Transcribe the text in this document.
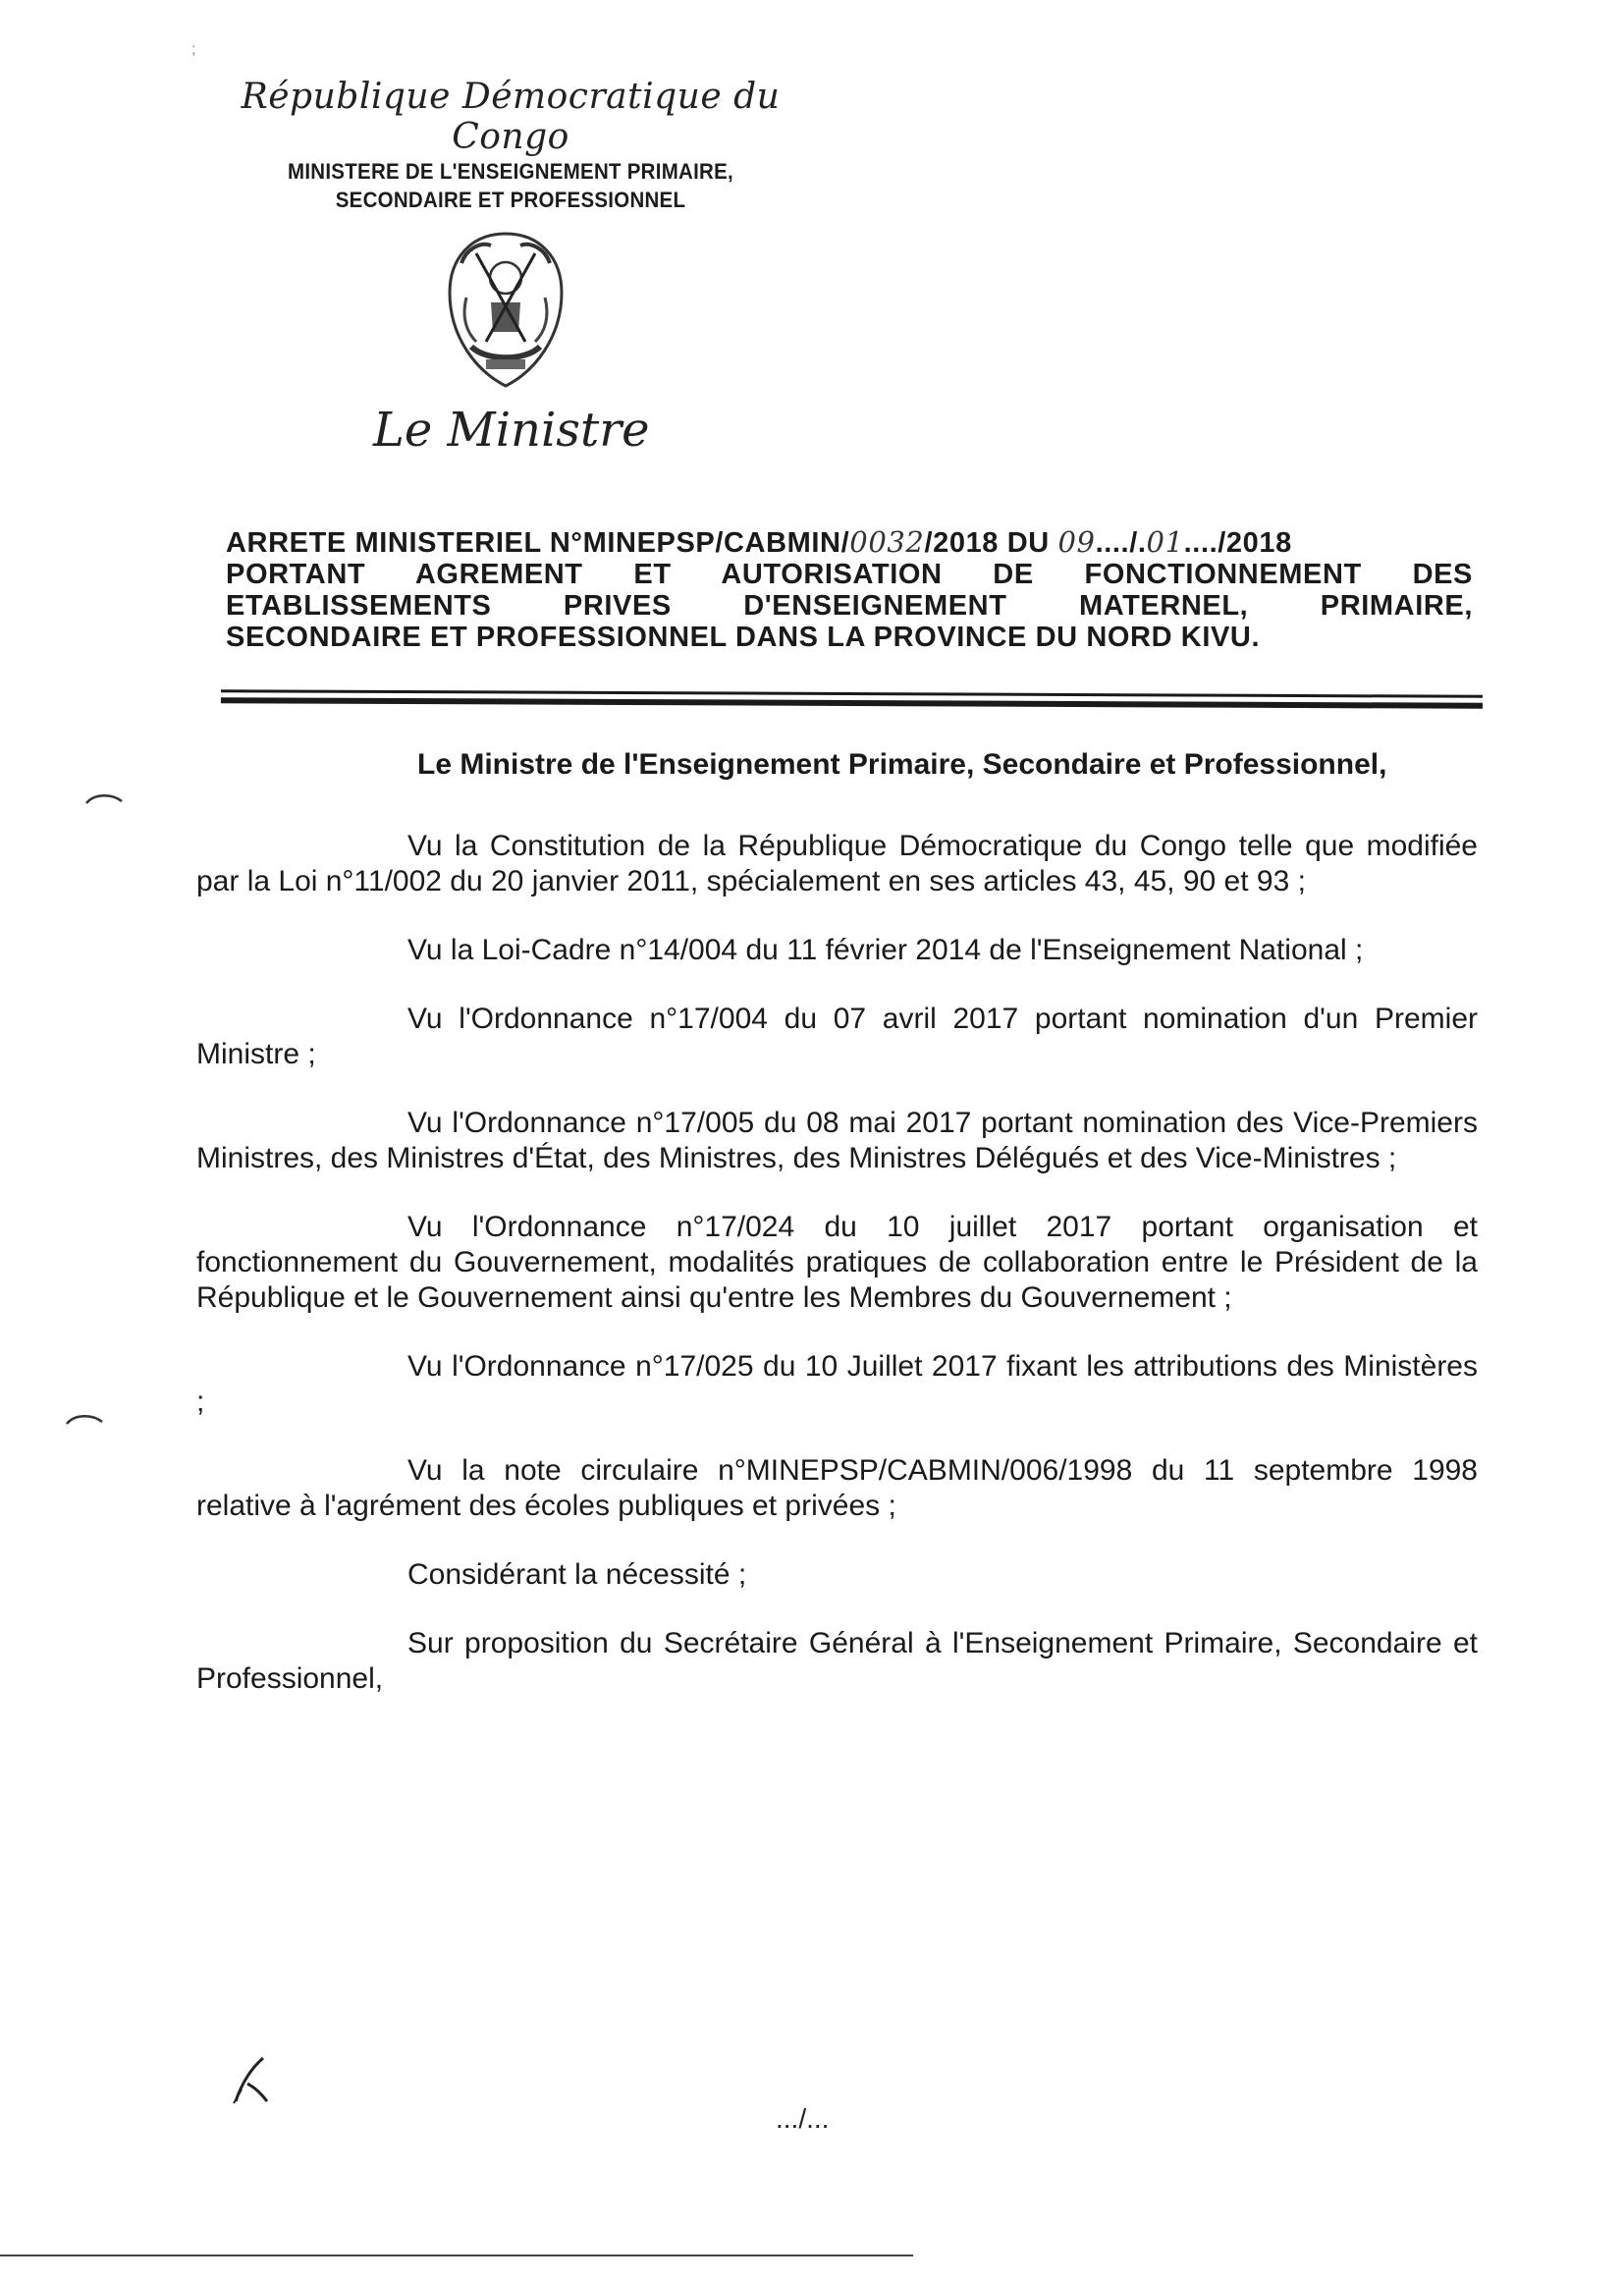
;
République Démocratique du Congo
MINISTERE DE L'ENSEIGNEMENT PRIMAIRE,
SECONDAIRE ET PROFESSIONNEL
Le Ministre
ARRETE MINISTERIEL N°MINEPSP/CABMIN/0032/2018 DU 09..../.01..../2018
PORTANT AGREMENT ET AUTORISATION DE FONCTIONNEMENT DES
ETABLISSEMENTS PRIVES D'ENSEIGNEMENT MATERNEL, PRIMAIRE,
SECONDAIRE ET PROFESSIONNEL DANS LA PROVINCE DU NORD KIVU.

Le Ministre de l'Enseignement Primaire, Secondaire et Professionnel,

Vu la Constitution de la République Démocratique du Congo telle que modifiée par la Loi n°11/002 du 20 janvier 2011, spécialement en ses articles 43, 45, 90 et 93 ;

Vu la Loi-Cadre n°14/004 du 11 février 2014 de l'Enseignement National ;

Vu l'Ordonnance n°17/004 du 07 avril 2017 portant nomination d'un Premier Ministre ;

Vu l'Ordonnance n°17/005 du 08 mai 2017 portant nomination des Vice-Premiers Ministres, des Ministres d'État, des Ministres, des Ministres Délégués et des Vice-Ministres ;

Vu l'Ordonnance n°17/024 du 10 juillet 2017 portant organisation et fonctionnement du Gouvernement, modalités pratiques de collaboration entre le Président de la République et le Gouvernement ainsi qu'entre les Membres du Gouvernement ;

Vu l'Ordonnance n°17/025 du 10 Juillet 2017 fixant les attributions des Ministères ;

Vu la note circulaire n°MINEPSP/CABMIN/006/1998 du 11 septembre 1998 relative à l'agrément des écoles publiques et privées ;

Considérant la nécessité ;

Sur proposition du Secrétaire Général à l'Enseignement Primaire, Secondaire et Professionnel,

.../...
